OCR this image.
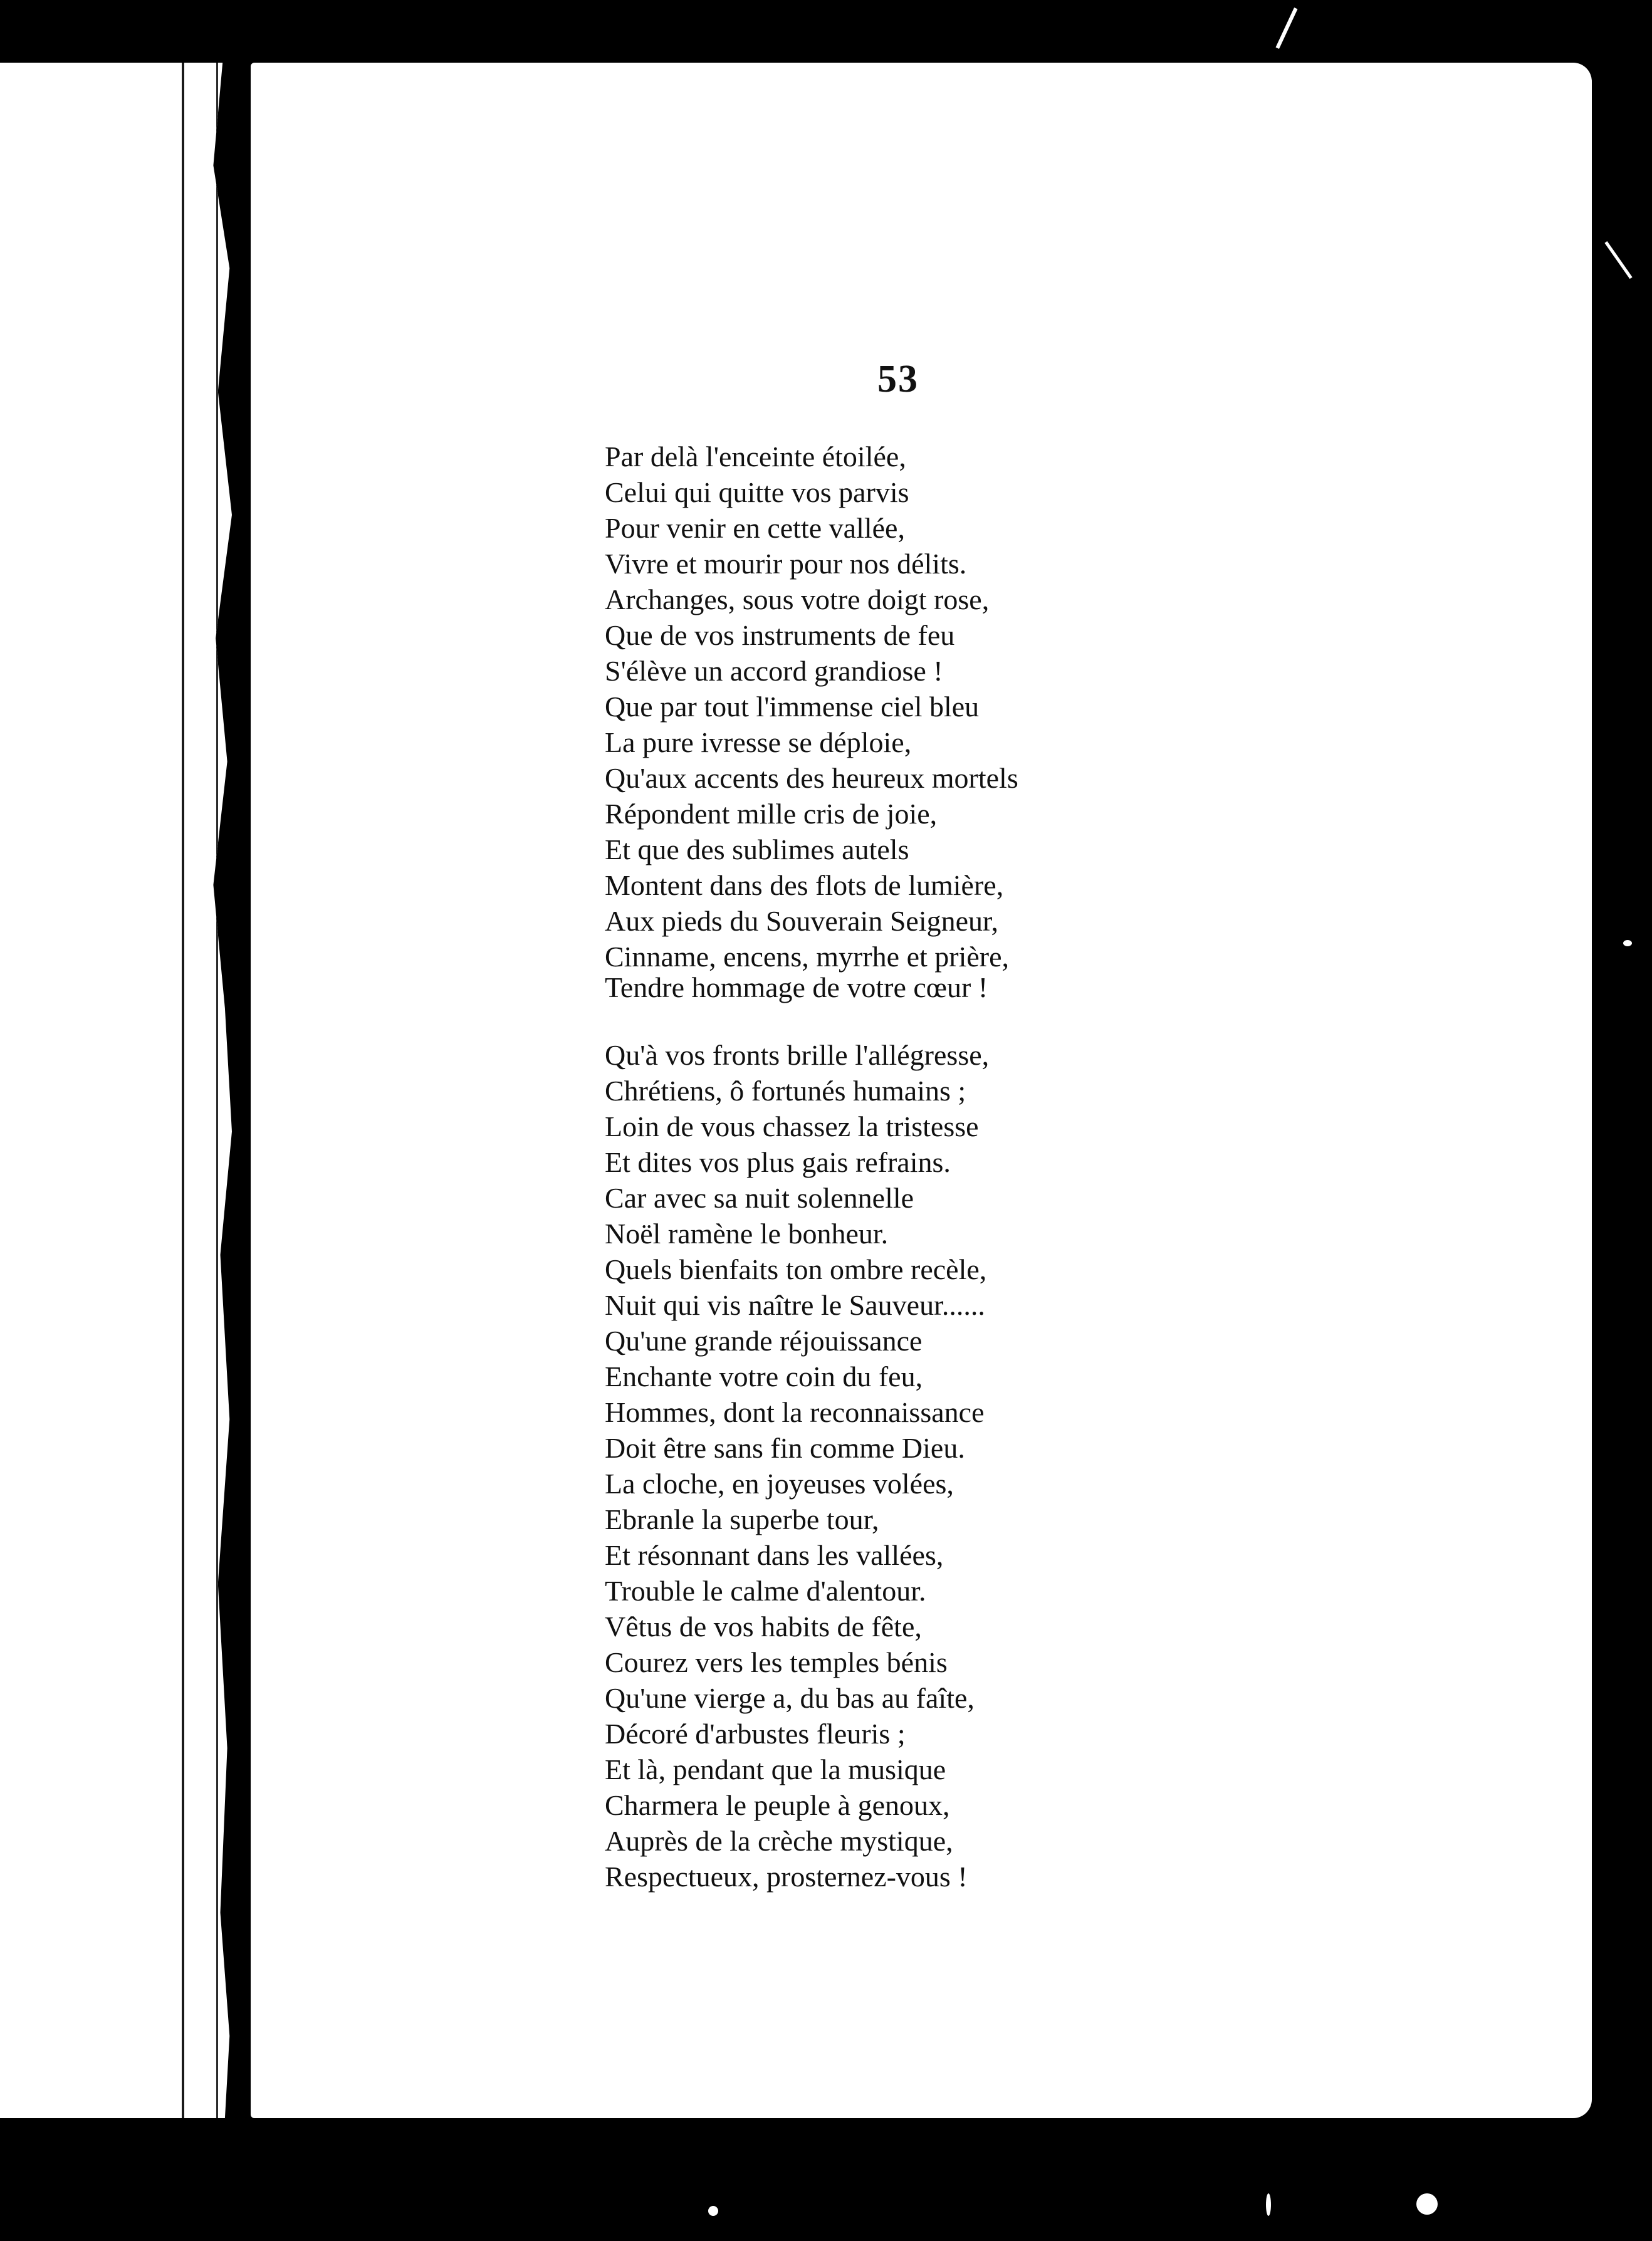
53
Par delà l'enceinte étoilée,
Celui qui quitte vos parvis
Pour venir en cette vallée,
Vivre et mourir pour nos délits.
Archanges, sous votre doigt rose,
Que de vos instruments de feu
S'élève un accord grandiose !
Que par tout l'immense ciel bleu
La pure ivresse se déploie,
Qu'aux accents des heureux mortels
Répondent mille cris de joie,
Et que des sublimes autels
Montent dans des flots de lumière,
Aux pieds du Souverain Seigneur,
Cinname, encens, myrrhe et prière,
Tendre hommage de votre cœur !
Qu'à vos fronts brille l'allégresse,
Chrétiens, ô fortunés humains ;
Loin de vous chassez la tristesse
Et dites vos plus gais refrains.
Car avec sa nuit solennelle
Noël ramène le bonheur.
Quels bienfaits ton ombre recèle,
Nuit qui vis naître le Sauveur......
Qu'une grande réjouissance
Enchante votre coin du feu,
Hommes, dont la reconnaissance
Doit être sans fin comme Dieu.
La cloche, en joyeuses volées,
Ebranle la superbe tour,
Et résonnant dans les vallées,
Trouble le calme d'alentour.
Vêtus de vos habits de fête,
Courez vers les temples bénis
Qu'une vierge a, du bas au faîte,
Décoré d'arbustes fleuris ;
Et là, pendant que la musique
Charmera le peuple à genoux,
Auprès de la crèche mystique,
Respectueux, prosternez-vous !
